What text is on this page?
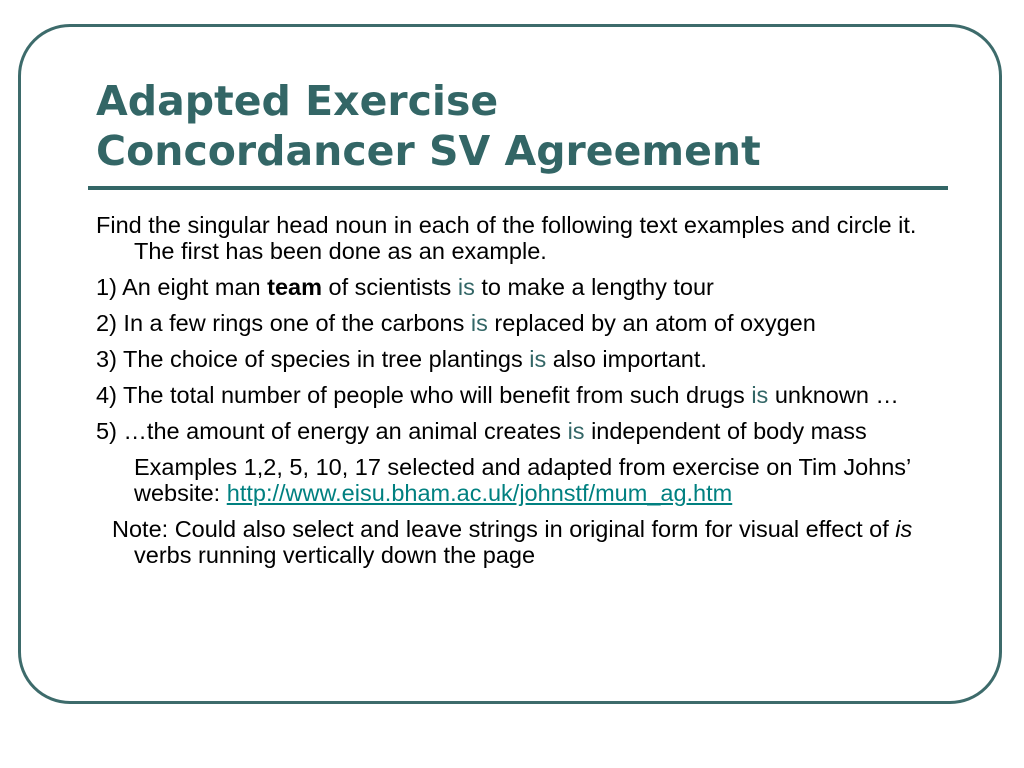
Adapted Exercise
Concordancer SV Agreement

Find the singular head noun in each of the following text examples and circle it. The first has been done as an example.

1) An eight man team of scientists is to make a lengthy tour

2) In a few rings one of the carbons is replaced by an atom of oxygen

3) The choice of species in tree plantings is also important.

4) The total number of people who will benefit from such drugs is unknown …

5) …the amount of energy an animal creates is independent of body mass

Examples 1,2, 5, 10, 17 selected and adapted from exercise on Tim Johns’ website: http://www.eisu.bham.ac.uk/johnstf/mum_ag.htm

Note: Could also select and leave strings in original form for visual effect of is verbs running vertically down the page
